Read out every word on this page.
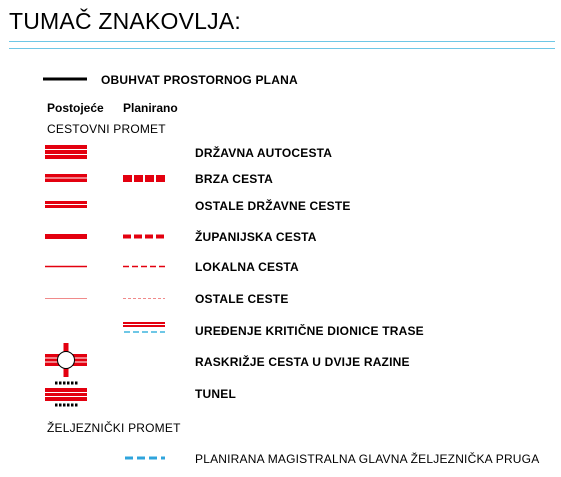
TUMAČ ZNAKOVLJA:
OBUHVAT PROSTORNOG PLANA
Postojeće Planirano
CESTOVNI PROMET
DRŽAVNA AUTOCESTA
BRZA CESTA
OSTALE DRŽAVNE CESTE
ŽUPANIJSKA CESTA
LOKALNA CESTA
OSTALE CESTE
UREĐENJE KRITIČNE DIONICE TRASE
RASKRIŽJE CESTA U DVIJE RAZINE
TUNEL
ŽELJEZNIČKI PROMET
PLANIRANA MAGISTRALNA GLAVNA ŽELJEZNIČKA PRUGA
